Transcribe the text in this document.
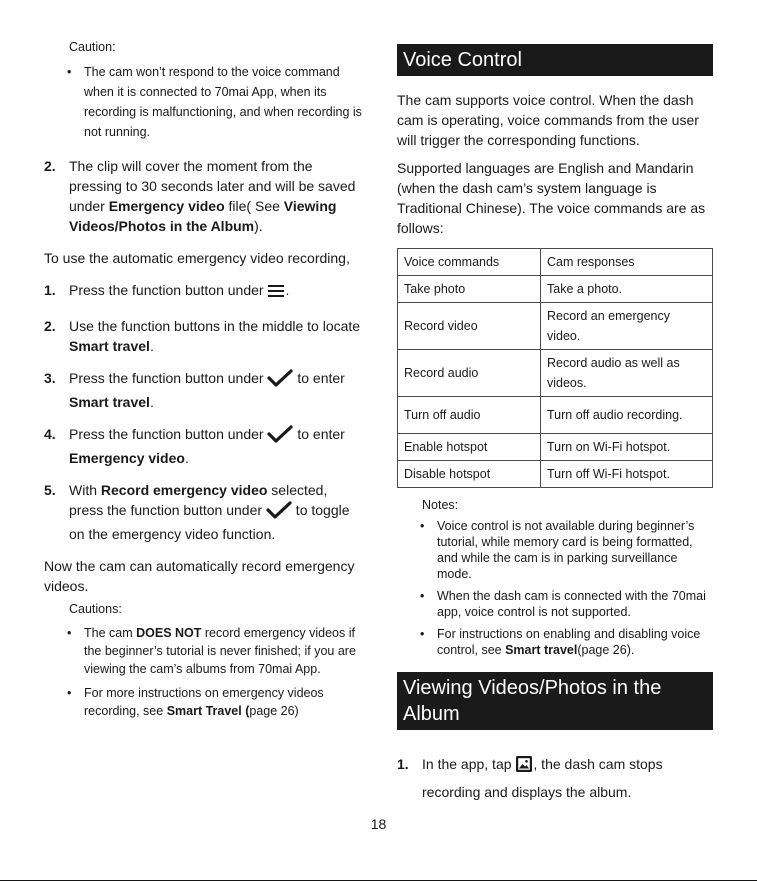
Caution:
• The cam won’t respond to the voice command when it is connected to 70mai App, when its recording is malfunctioning, and when recording is not running.
2. The clip will cover the moment from the pressing to 30 seconds later and will be saved under Emergency video file( See Viewing Videos/Photos in the Album).
To use the automatic emergency video recording,
1. Press the function button under .
2. Use the function buttons in the middle to locate Smart travel.
3. Press the function button under  to enter Smart travel.
4. Press the function button under  to enter Emergency video.
5. With Record emergency video selected, press the function button under  to toggle on the emergency video function.
Now the cam can automatically record emergency videos.
Cautions:
• The cam DOES NOT record emergency videos if the beginner’s tutorial is never finished; if you are viewing the cam’s albums from 70mai App.
• For more instructions on emergency videos recording, see Smart Travel (page 26)
Voice Control
The cam supports voice control. When the dash cam is operating, voice commands from the user will trigger the corresponding functions.
Supported languages are English and Mandarin (when the dash cam’s system language is Traditional Chinese). The voice commands are as follows:
Voice commands	Cam responses
Take photo	Take a photo.
Record video	Record an emergency video.
Record audio	Record audio as well as videos.
Turn off audio	Turn off audio recording.
Enable hotspot	Turn on Wi-Fi hotspot.
Disable hotspot	Turn off Wi-Fi hotspot.
Notes:
• Voice control is not available during beginner’s tutorial, while memory card is being formatted, and while the cam is in parking surveillance mode.
• When the dash cam is connected with the 70mai app, voice control is not supported.
• For instructions on enabling and disabling voice control, see Smart travel(page 26).
Viewing Videos/Photos in the Album
1. In the app, tap , the dash cam stops recording and displays the album.
18
